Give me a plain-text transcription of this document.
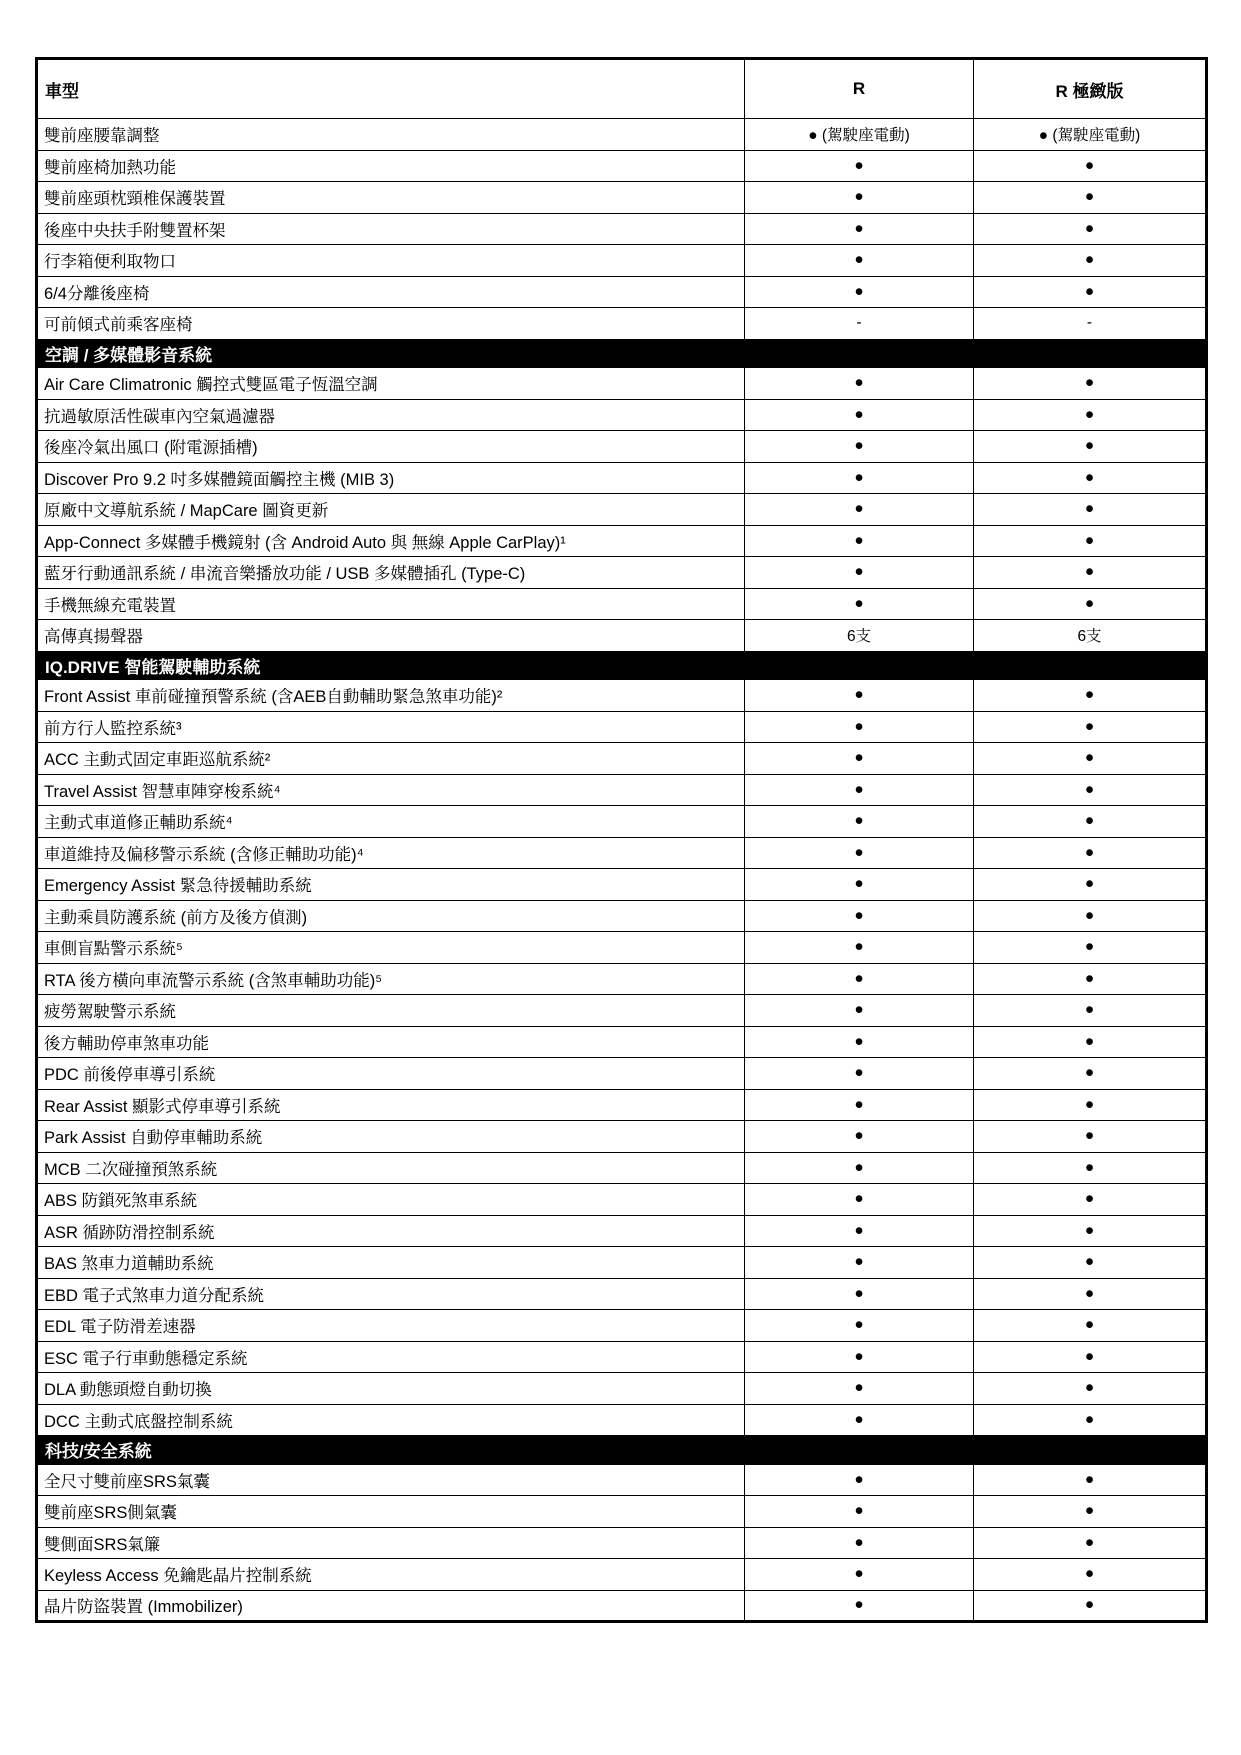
車型	R	R 極緻版
雙前座腰靠調整	● (駕駛座電動)	● (駕駛座電動)
雙前座椅加熱功能	●	●
雙前座頭枕頸椎保護裝置	●	●
後座中央扶手附雙置杯架	●	●
行李箱便利取物口	●	●
6/4分離後座椅	●	●
可前傾式前乘客座椅	-	-
空調 / 多媒體影音系統		
Air Care Climatronic 觸控式雙區電子恆溫空調	●	●
抗過敏原活性碳車內空氣過濾器	●	●
後座冷氣出風口 (附電源插槽)	●	●
Discover Pro 9.2 吋多媒體鏡面觸控主機 (MIB 3)	●	●
原廠中文導航系統 / MapCare 圖資更新	●	●
App-Connect 多媒體手機鏡射 (含 Android Auto 與 無線 Apple CarPlay)¹	●	●
藍牙行動通訊系統 / 串流音樂播放功能 / USB 多媒體插孔 (Type-C)	●	●
手機無線充電裝置	●	●
高傳真揚聲器	6支	6支
IQ.DRIVE 智能駕駛輔助系統		
Front Assist 車前碰撞預警系統 (含AEB自動輔助緊急煞車功能)²	●	●
前方行人監控系統³	●	●
ACC 主動式固定車距巡航系統²	●	●
Travel Assist 智慧車陣穿梭系統⁴	●	●
主動式車道修正輔助系統⁴	●	●
車道維持及偏移警示系統 (含修正輔助功能)⁴	●	●
Emergency Assist 緊急待援輔助系統	●	●
主動乘員防護系統 (前方及後方偵測)	●	●
車側盲點警示系統⁵	●	●
RTA 後方橫向車流警示系統 (含煞車輔助功能)⁵	●	●
疲勞駕駛警示系統	●	●
後方輔助停車煞車功能	●	●
PDC 前後停車導引系統	●	●
Rear Assist 顯影式停車導引系統	●	●
Park Assist 自動停車輔助系統	●	●
MCB 二次碰撞預煞系統	●	●
ABS 防鎖死煞車系統	●	●
ASR 循跡防滑控制系統	●	●
BAS 煞車力道輔助系統	●	●
EBD 電子式煞車力道分配系統	●	●
EDL 電子防滑差速器	●	●
ESC 電子行車動態穩定系統	●	●
DLA 動態頭燈自動切換	●	●
DCC 主動式底盤控制系統	●	●
科技/安全系統		
全尺寸雙前座SRS氣囊	●	●
雙前座SRS側氣囊	●	●
雙側面SRS氣簾	●	●
Keyless Access 免鑰匙晶片控制系統	●	●
晶片防盜裝置 (Immobilizer)	●	●
